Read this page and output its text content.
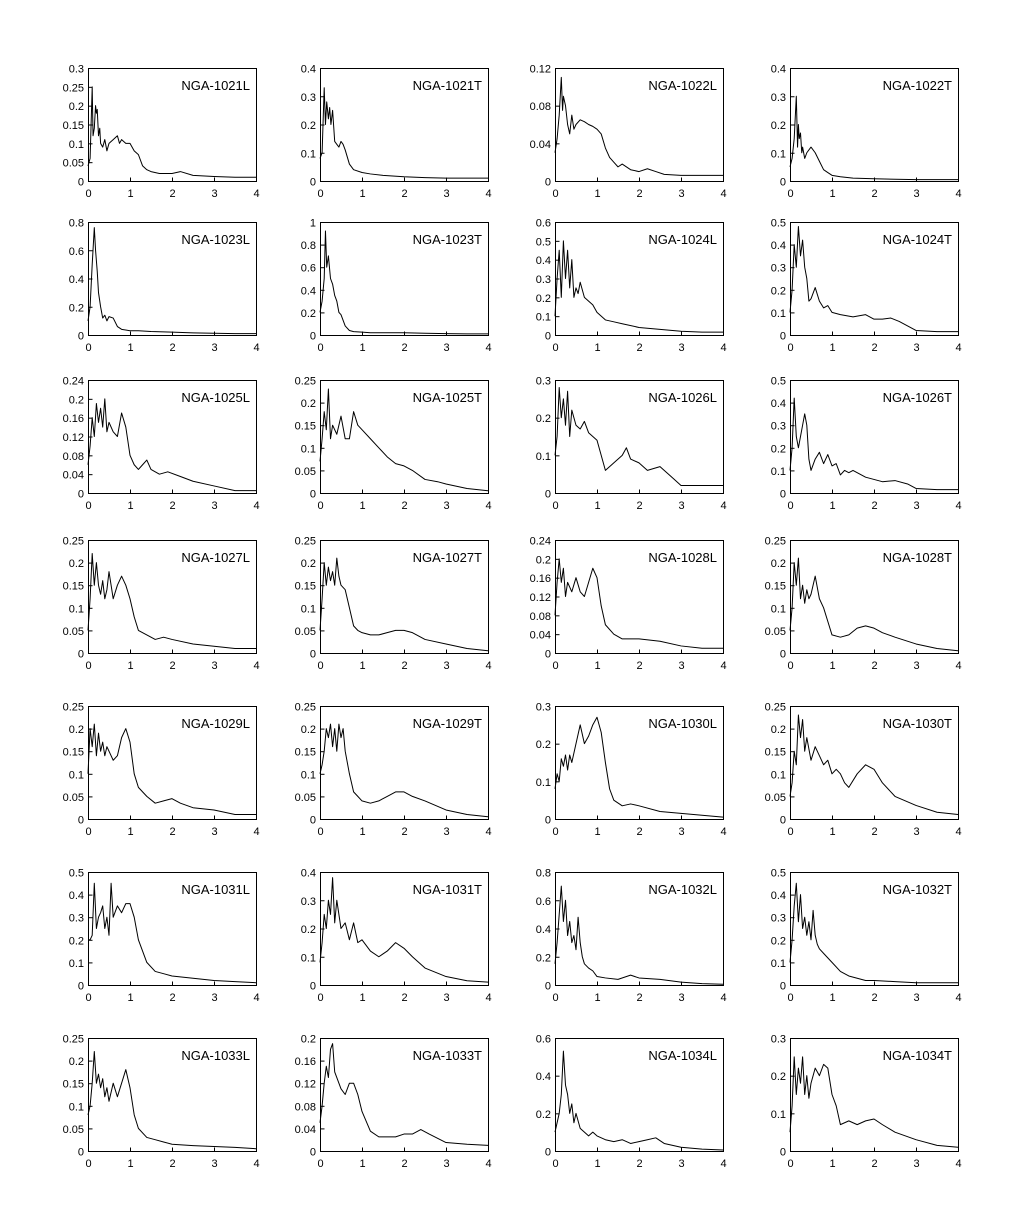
0	1	2	3	4
0
0.05
0.1
0.15
0.2
0.25
0.3
NGA-1021L
0	1	2	3	4
0
0.1
0.2
0.3
0.4
NGA-1021T
0	1	2	3	4
0
0.04
0.08
0.12
NGA-1022L
0	1	2	3	4
0
0.1
0.2
0.3
0.4
NGA-1022T
0	1	2	3	4
0
0.2
0.4
0.6
0.8
NGA-1023L
0	1	2	3	4
0
0.2
0.4
0.6
0.8
1
NGA-1023T
0	1	2	3	4
0
0.1
0.2
0.3
0.4
0.5
0.6
NGA-1024L
0	1	2	3	4
0
0.1
0.2
0.3
0.4
0.5
NGA-1024T
0	1	2	3	4
0
0.04
0.08
0.12
0.16
0.2
0.24
NGA-1025L
0	1	2	3	4
0
0.05
0.1
0.15
0.2
0.25
NGA-1025T
0	1	2	3	4
0
0.1
0.2
0.3
NGA-1026L
0	1	2	3	4
0
0.1
0.2
0.3
0.4
0.5
NGA-1026T
0	1	2	3	4
0
0.05
0.1
0.15
0.2
0.25
NGA-1027L
0	1	2	3	4
0
0.05
0.1
0.15
0.2
0.25
NGA-1027T
0	1	2	3	4
0
0.04
0.08
0.12
0.16
0.2
0.24
NGA-1028L
0	1	2	3	4
0
0.05
0.1
0.15
0.2
0.25
NGA-1028T
0	1	2	3	4
0
0.05
0.1
0.15
0.2
0.25
NGA-1029L
0	1	2	3	4
0
0.05
0.1
0.15
0.2
0.25
NGA-1029T
0	1	2	3	4
0
0.1
0.2
0.3
NGA-1030L
0	1	2	3	4
0
0.05
0.1
0.15
0.2
0.25
NGA-1030T
0	1	2	3	4
0
0.1
0.2
0.3
0.4
0.5
NGA-1031L
0	1	2	3	4
0
0.1
0.2
0.3
0.4
NGA-1031T
0	1	2	3	4
0
0.2
0.4
0.6
0.8
NGA-1032L
0	1	2	3	4
0
0.1
0.2
0.3
0.4
0.5
NGA-1032T
0	1	2	3	4
0
0.05
0.1
0.15
0.2
0.25
NGA-1033L
0	1	2	3	4
0
0.04
0.08
0.12
0.16
0.2
NGA-1033T
0	1	2	3	4
0
0.2
0.4
0.6
NGA-1034L
0	1	2	3	4
0
0.1
0.2
0.3
NGA-1034T
